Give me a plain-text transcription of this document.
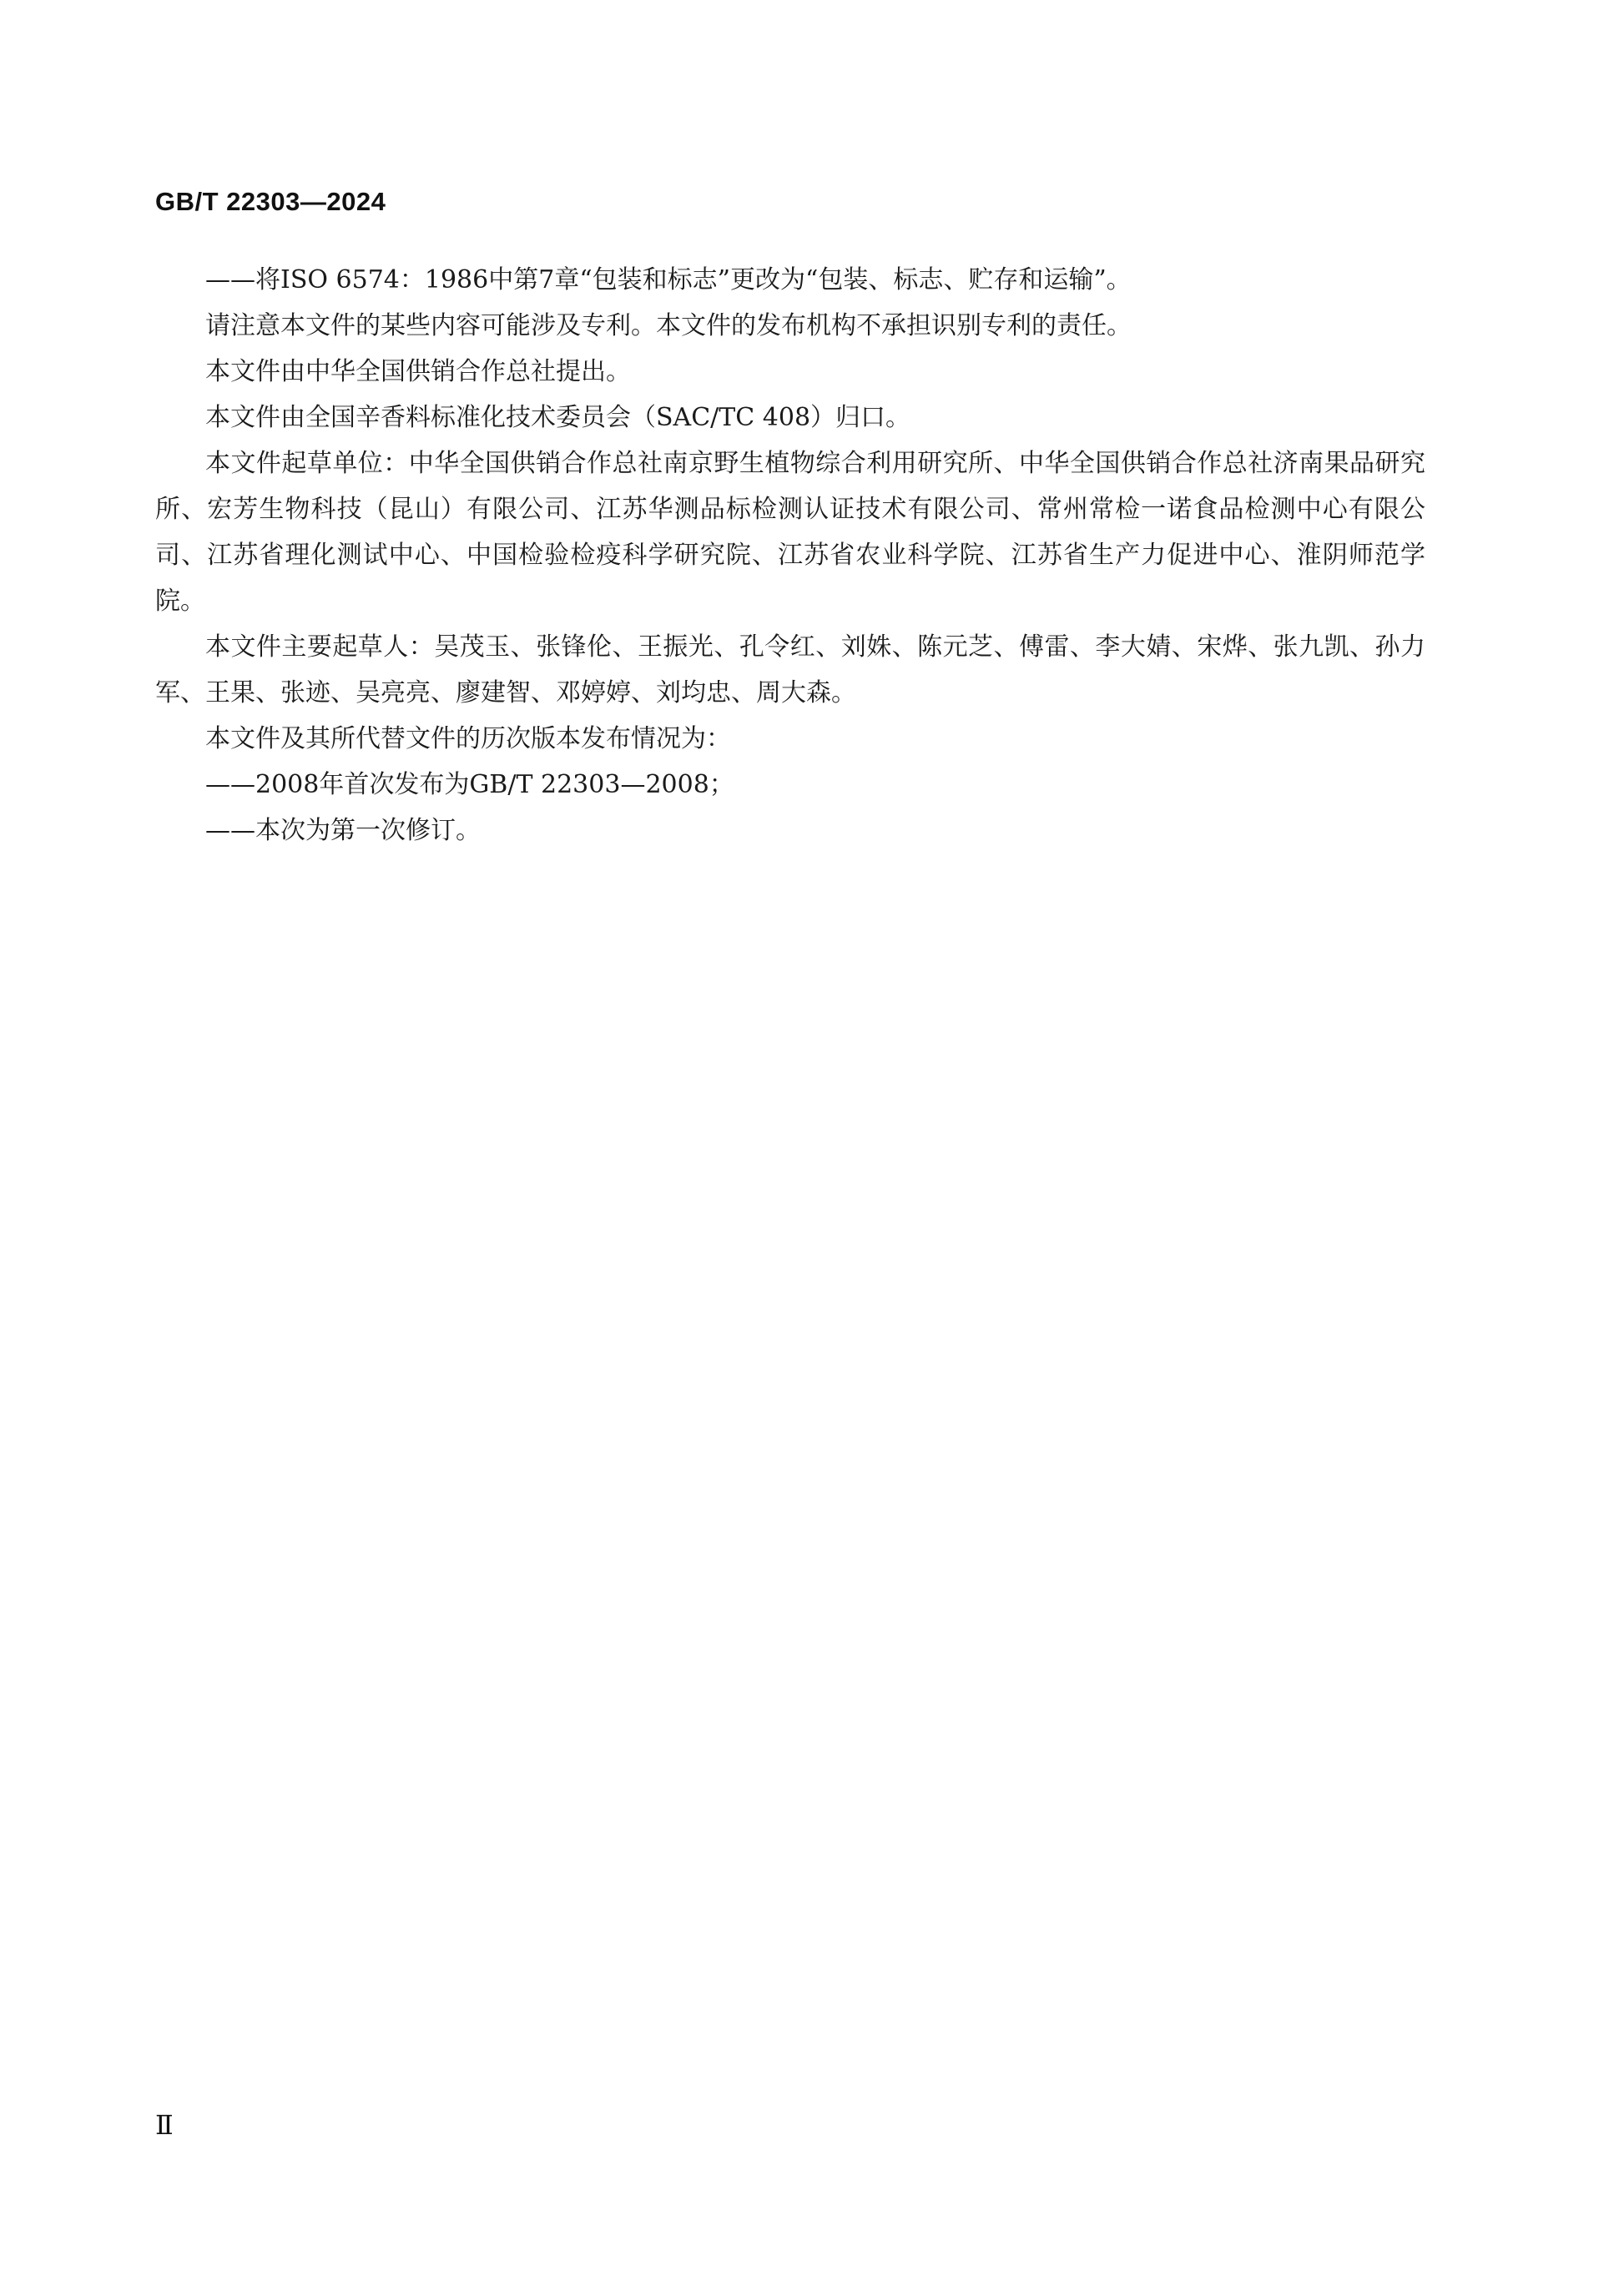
GB/T 22303—2024

——将ISO 6574：1986中第7章“包装和标志”更改为“包装、标志、贮存和运输”。

请注意本文件的某些内容可能涉及专利。本文件的发布机构不承担识别专利的责任。

本文件由中华全国供销合作总社提出。

本文件由全国辛香料标准化技术委员会（SAC/TC 408）归口。

本文件起草单位：中华全国供销合作总社南京野生植物综合利用研究所、中华全国供销合作总社济南果品研究所、宏芳生物科技（昆山）有限公司、江苏华测品标检测认证技术有限公司、常州常检一诺食品检测中心有限公司、江苏省理化测试中心、中国检验检疫科学研究院、江苏省农业科学院、江苏省生产力促进中心、淮阴师范学院。

本文件主要起草人：吴茂玉、张锋伦、王振光、孔令红、刘姝、陈元芝、傅雷、李大婧、宋烨、张九凯、孙力军、王果、张迹、吴亮亮、廖建智、邓婷婷、刘均忠、周大森。

本文件及其所代替文件的历次版本发布情况为：

——2008年首次发布为GB/T 22303—2008；

——本次为第一次修订。

Ⅱ
